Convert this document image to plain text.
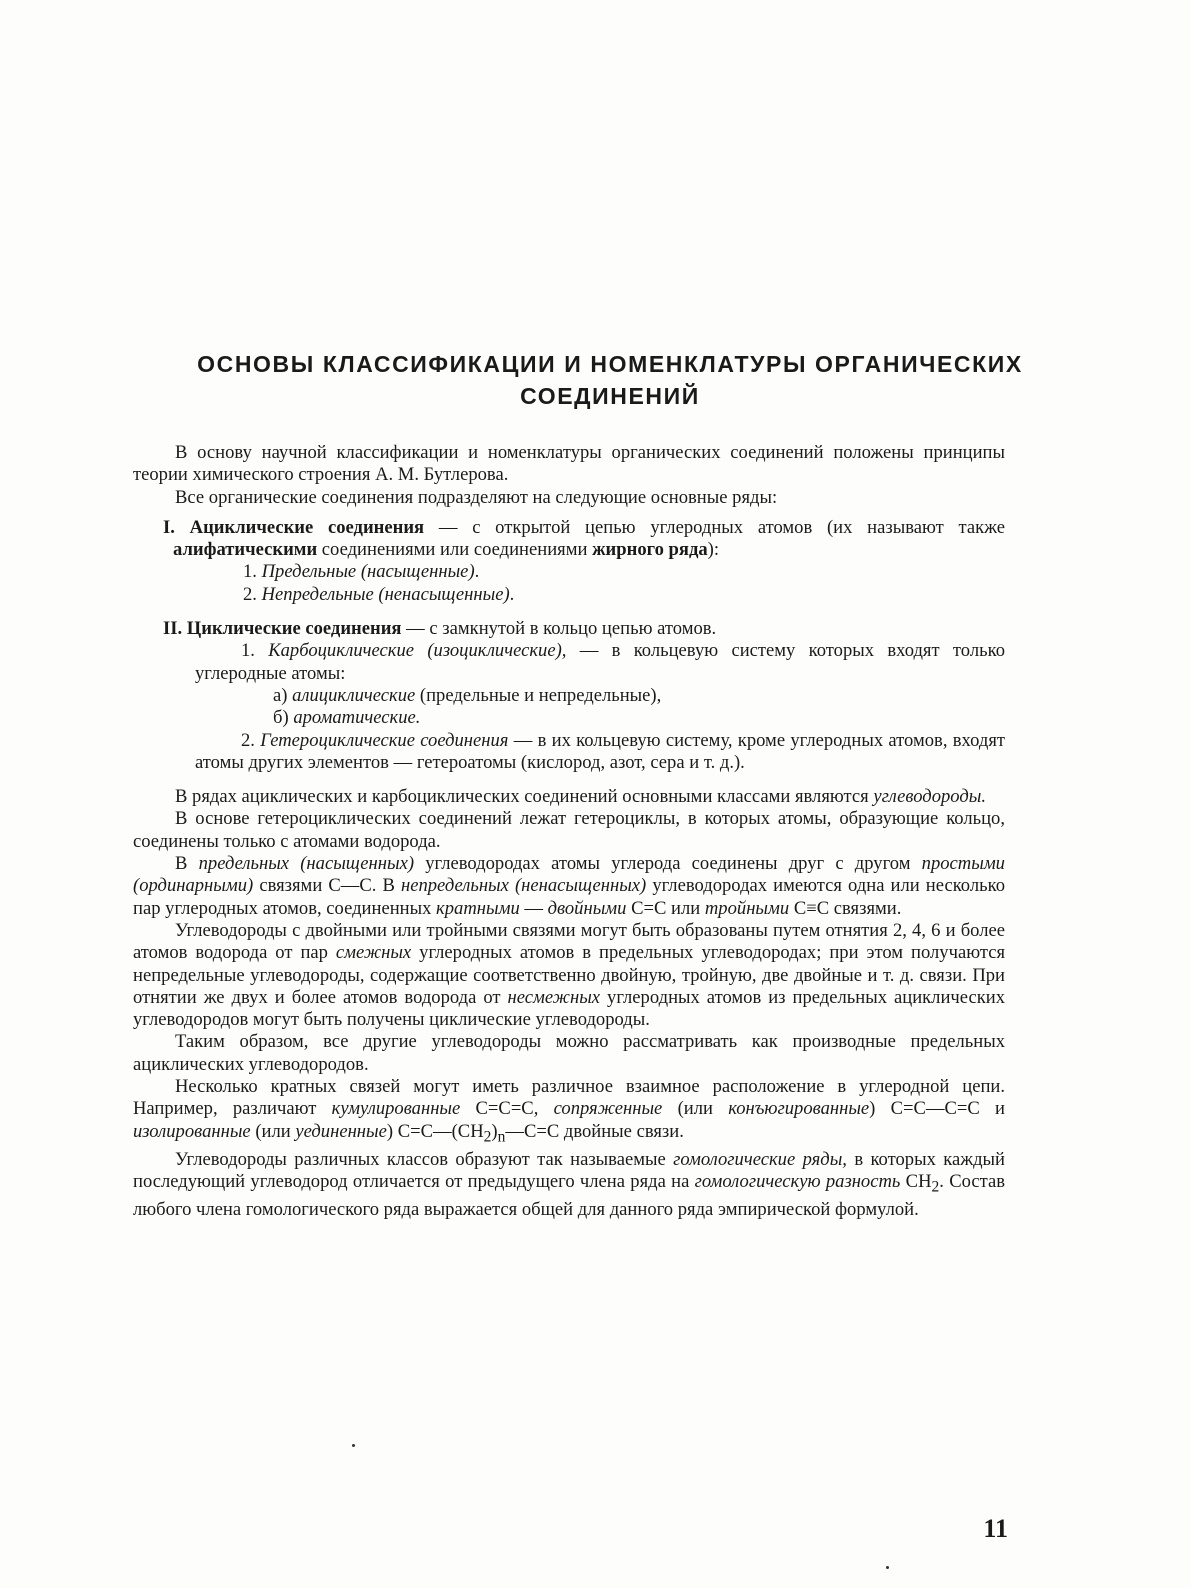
ОСНОВЫ КЛАССИФИКАЦИИ И НОМЕНКЛАТУРЫ ОРГАНИЧЕСКИХ
СОЕДИНЕНИЙ

В основу научной классификации и номенклатуры органических соединений положены принципы теории химического строения А. М. Бутлерова.

Все органические соединения подразделяют на следующие основные ряды:

I. Ациклические соединения — с открытой цепью углеродных атомов (их называют также алифатическими соединениями или соединениями жирного ряда):

1. Предельные (насыщенные).

2. Непредельные (ненасыщенные).

II. Циклические соединения — с замкнутой в кольцо цепью атомов.

1. Карбоциклические (изоциклические), — в кольцевую систему которых входят только углеродные атомы:

а) алициклические (предельные и непредельные),

б) ароматические.

2. Гетероциклические соединения — в их кольцевую систему, кроме углеродных атомов, входят атомы других элементов — гетероатомы (кислород, азот, сера и т. д.).

В рядах ациклических и карбоциклических соединений основными классами являются углеводороды.

В основе гетероциклических соединений лежат гетероциклы, в которых атомы, образующие кольцо, соединены только с атомами водорода.

В предельных (насыщенных) углеводородах атомы углерода соединены друг с другом простыми (ординарными) связями С—С. В непредельных (ненасыщенных) углеводородах имеются одна или несколько пар углеродных атомов, соединенных кратными — двойными С=С или тройными С≡С связями.

Углеводороды с двойными или тройными связями могут быть образованы путем отнятия 2, 4, 6 и более атомов водорода от пар смежных углеродных атомов в предельных углеводородах; при этом получаются непредельные углеводороды, содержащие соответственно двойную, тройную, две двойные и т. д. связи. При отнятии же двух и более атомов водорода от несмежных углеродных атомов из предельных ациклических углеводородов могут быть получены циклические углеводороды.

Таким образом, все другие углеводороды можно рассматривать как производные предельных ациклических углеводородов.

Несколько кратных связей могут иметь различное взаимное расположение в углеродной цепи. Например, различают кумулированные С=С=С, сопряженные (или конъюгированные) С=С—С=С и изолированные (или уединенные) $С=С—(СН_2)_n—С=С$ двойные связи.

Углеводороды различных классов образуют так называемые гомологические ряды, в которых каждый последующий углеводород отличается от предыдущего члена ряда на гомологическую разность $СН_2$. Состав любого члена гомологического ряда выражается общей для данного ряда эмпирической формулой.

11
